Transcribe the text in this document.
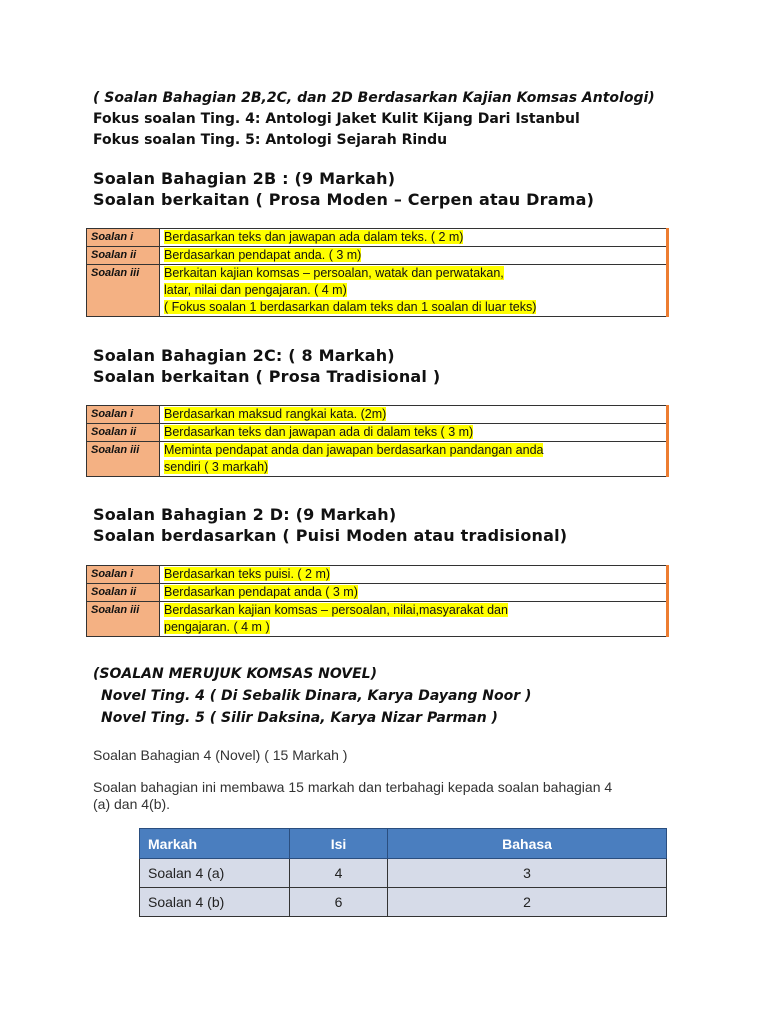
( Soalan Bahagian 2B,2C, dan 2D Berdasarkan Kajian Komsas Antologi)
Fokus soalan Ting. 4: Antologi Jaket Kulit Kijang Dari Istanbul
Fokus soalan Ting. 5: Antologi Sejarah Rindu
Soalan Bahagian 2B : (9 Markah)
Soalan berkaitan ( Prosa Moden – Cerpen atau Drama)
Soalan i	Berdasarkan teks dan jawapan ada dalam teks. ( 2 m)
Soalan ii	Berdasarkan pendapat anda. ( 3 m)
Soalan iii	Berkaitan kajian komsas – persoalan, watak dan perwatakan,
latar, nilai dan pengajaran. ( 4 m)
( Fokus soalan 1 berdasarkan dalam teks dan 1 soalan di luar teks)
Soalan Bahagian 2C: ( 8 Markah)
Soalan berkaitan ( Prosa Tradisional )
Soalan i	Berdasarkan maksud rangkai kata. (2m)
Soalan ii	Berdasarkan teks dan jawapan ada di dalam teks ( 3 m)
Soalan iii	Meminta pendapat anda dan jawapan berdasarkan pandangan anda
sendiri ( 3 markah)
Soalan Bahagian 2 D: (9 Markah)
Soalan berdasarkan ( Puisi Moden atau tradisional)
Soalan i	Berdasarkan teks puisi. ( 2 m)
Soalan ii	Berdasarkan pendapat anda ( 3 m)
Soalan iii	Berdasarkan kajian komsas – persoalan, nilai,masyarakat dan
pengajaran. ( 4 m )
(SOALAN MERUJUK KOMSAS NOVEL)
Novel Ting. 4 ( Di Sebalik Dinara, Karya Dayang Noor )
Novel Ting. 5 ( Silir Daksina, Karya Nizar Parman )
Soalan Bahagian 4 (Novel) ( 15 Markah )
Soalan bahagian ini membawa 15 markah dan terbahagi kepada soalan bahagian 4
(a) dan 4(b).
Markah	Isi	Bahasa
Soalan 4 (a)	4	3
Soalan 4 (b)	6	2
